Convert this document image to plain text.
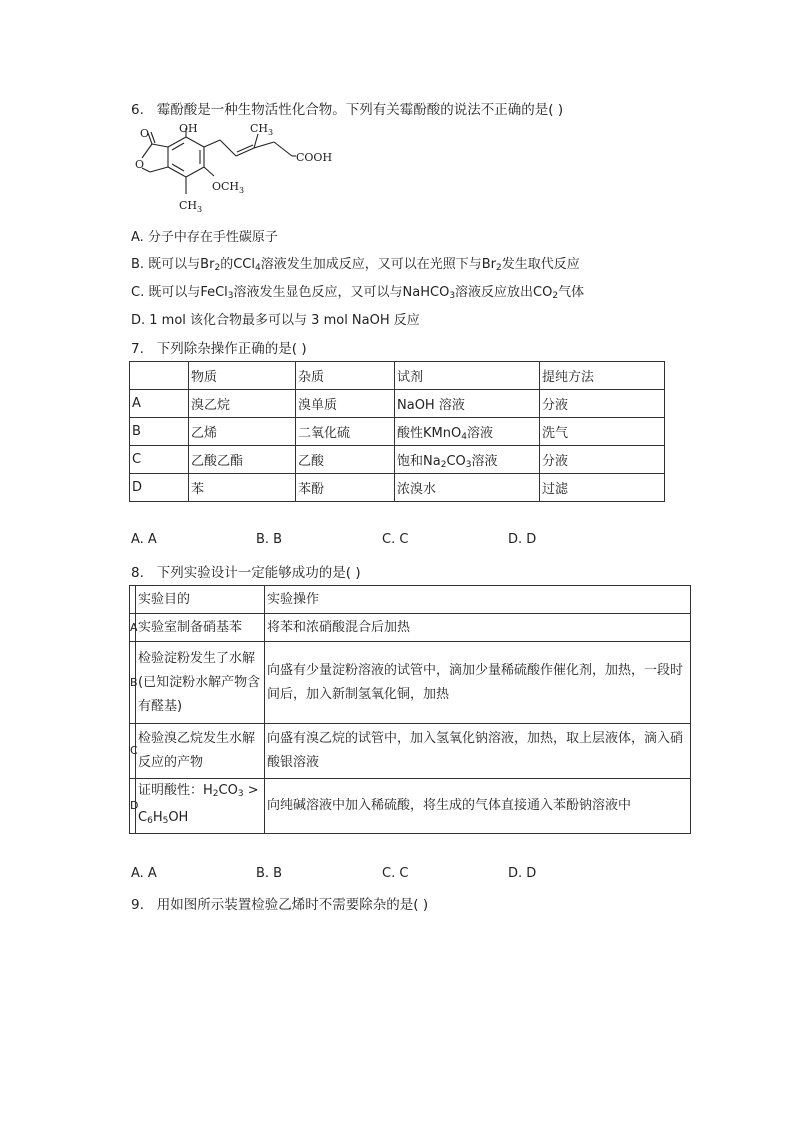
6. 霉酚酸是一种生物活性化合物。下列有关霉酚酸的说法不正确的是( )
O
O
OH	$CH_3$
COOH
$OCH_3$
$CH_3$
A. 分子中存在手性碳原子
B. 既可以与$Br_2$的CCl$_4$溶液发生加成反应，又可以在光照下与$Br_2$发生取代反应
C. 既可以与FeCl$_3$溶液发生显色反应，又可以与NaHCO$_3$溶液反应放出$CO_2$气体
D. 1 mol 该化合物最多可以与 3 mol NaOH 反应
7. 下列除杂操作正确的是( )
	物质	杂质	试剂	提纯方法
A	溴乙烷	溴单质	NaOH 溶液	分液
B	乙烯	二氧化硫	酸性KMnO$_4$溶液	洗气
C	乙酸乙酯	乙酸	饱和$Na_2CO_3$溶液	分液
D	苯	苯酚	浓溴水	过滤
A. A	B. B	C. C	D. D
8. 下列实验设计一定能够成功的是( )
	实验目的	实验操作
A	实验室制备硝基苯	将苯和浓硝酸混合后加热
B	检验淀粉发生了水解(已知淀粉水解产物含有醛基)	向盛有少量淀粉溶液的试管中，滴加少量稀硫酸作催化剂，加热，一段时间后，加入新制氢氧化铜，加热
C	检验溴乙烷发生水解反应的产物	向盛有溴乙烷的试管中，加入氢氧化钠溶液，加热，取上层液体，滴入硝酸银溶液
D	证明酸性：$H_2CO_3 > C_6H_5OH$	向纯碱溶液中加入稀硫酸，将生成的气体直接通入苯酚钠溶液中
A. A	B. B	C. C	D. D
9. 用如图所示装置检验乙烯时不需要除杂的是( )
